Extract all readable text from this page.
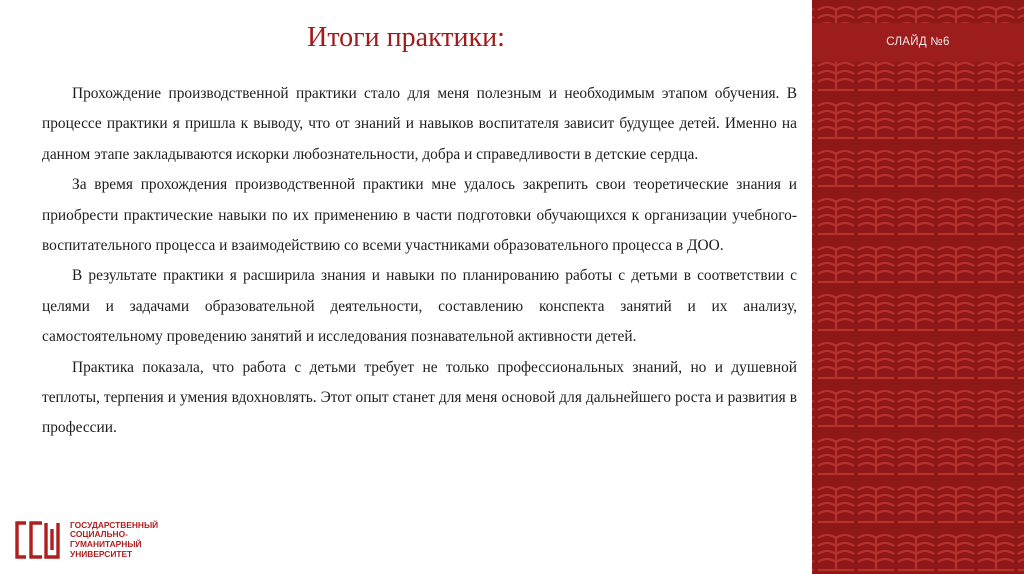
Итоги практики:

Прохождение производственной практики стало для меня полезным и необходимым этапом обучения. В процессе практики я пришла к выводу, что от знаний и навыков воспитателя зависит будущее детей. Именно на данном этапе закладываются искорки любознательности, добра и справедливости в детские сердца.

За время прохождения производственной практики мне удалось закрепить свои теоретические знания и приобрести практические навыки по их применению в части подготовки обучающихся к организации учебного-воспитательного процесса и взаимодействию со всеми участниками образовательного процесса в ДОО.

В результате практики я расширила знания и навыки по планированию работы с детьми в соответствии с целями и задачами образовательной деятельности, составлению конспекта занятий и их анализу, самостоятельному проведению занятий и исследования познавательной активности детей.

Практика показала, что работа с детьми требует не только профессиональных знаний, но и душевной теплоты, терпения и умения вдохновлять. Этот опыт станет для меня основой для дальнейшего роста и развития в профессии.

ГОСУДАРСТВЕННЫЙ
СОЦИАЛЬНО-
ГУМАНИТАРНЫЙ
УНИВЕРСИТЕТ
СЛАЙД №6
